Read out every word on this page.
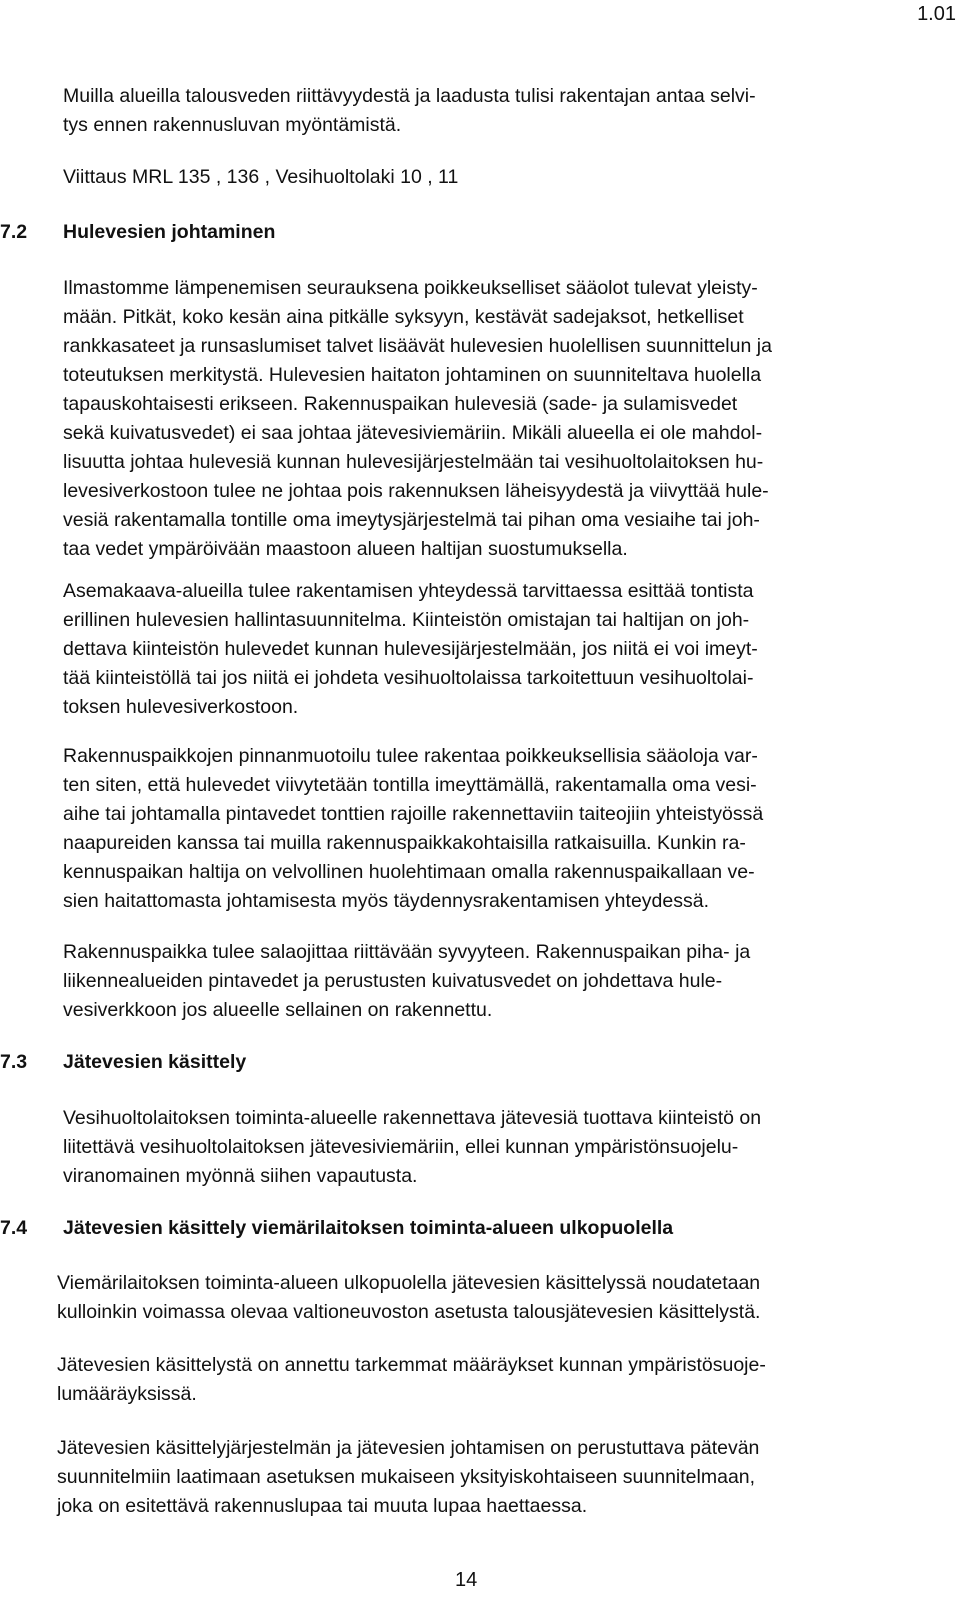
1.01
Muilla alueilla talousveden riittävyydestä ja laadusta tulisi rakentajan antaa selvi-
tys ennen rakennusluvan myöntämistä.
Viittaus MRL 135 , 136 , Vesihuoltolaki 10 , 11
7.2 Hulevesien johtaminen
Ilmastomme lämpenemisen seurauksena poikkeukselliset sääolot tulevat yleisty-
mään. Pitkät, koko kesän aina pitkälle syksyyn, kestävät sadejaksot, hetkelliset
rankkasateet ja runsaslumiset talvet lisäävät hulevesien huolellisen suunnittelun ja
toteutuksen merkitystä. Hulevesien haitaton johtaminen on suunniteltava huolella
tapauskohtaisesti erikseen. Rakennuspaikan hulevesiä (sade- ja sulamisvedet
sekä kuivatusvedet) ei saa johtaa jätevesiviemäriin. Mikäli alueella ei ole mahdol-
lisuutta johtaa hulevesiä kunnan hulevesijärjestelmään tai vesihuoltolaitoksen hu-
levesiverkostoon tulee ne johtaa pois rakennuksen läheisyydestä ja viivyttää hule-
vesiä rakentamalla tontille oma imeytysjärjestelmä tai pihan oma vesiaihe tai joh-
taa vedet ympäröivään maastoon alueen haltijan suostumuksella.
Asemakaava-alueilla tulee rakentamisen yhteydessä tarvittaessa esittää tontista
erillinen hulevesien hallintasuunnitelma. Kiinteistön omistajan tai haltijan on joh-
dettava kiinteistön hulevedet kunnan hulevesijärjestelmään, jos niitä ei voi imeyt-
tää kiinteistöllä tai jos niitä ei johdeta vesihuoltolaissa tarkoitettuun vesihuoltolai-
toksen hulevesiverkostoon.
Rakennuspaikkojen pinnanmuotoilu tulee rakentaa poikkeuksellisia sääoloja var-
ten siten, että hulevedet viivytetään tontilla imeyttämällä, rakentamalla oma vesi-
aihe tai johtamalla pintavedet tonttien rajoille rakennettaviin taiteojiin yhteistyössä
naapureiden kanssa tai muilla rakennuspaikkakohtaisilla ratkaisuilla. Kunkin ra-
kennuspaikan haltija on velvollinen huolehtimaan omalla rakennuspaikallaan ve-
sien haitattomasta johtamisesta myös täydennysrakentamisen yhteydessä.
Rakennuspaikka tulee salaojittaa riittävään syvyyteen. Rakennuspaikan piha- ja
liikennealueiden pintavedet ja perustusten kuivatusvedet on johdettava hule-
vesiverkkoon jos alueelle sellainen on rakennettu.
7.3 Jätevesien käsittely
Vesihuoltolaitoksen toiminta-alueelle rakennettava jätevesiä tuottava kiinteistö on
liitettävä vesihuoltolaitoksen jätevesiviemäriin, ellei kunnan ympäristönsuojelu-
viranomainen myönnä siihen vapautusta.
7.4 Jätevesien käsittely viemärilaitoksen toiminta-alueen ulkopuolella
Viemärilaitoksen toiminta-alueen ulkopuolella jätevesien käsittelyssä noudatetaan
kulloinkin voimassa olevaa valtioneuvoston asetusta talousjätevesien käsittelystä.
Jätevesien käsittelystä on annettu tarkemmat määräykset kunnan ympäristösuoje-
lumääräyksissä.
Jätevesien käsittelyjärjestelmän ja jätevesien johtamisen on perustuttava pätevän
suunnitelmiin laatimaan asetuksen mukaiseen yksityiskohtaiseen suunnitelmaan,
joka on esitettävä rakennuslupaa tai muuta lupaa haettaessa.
14
